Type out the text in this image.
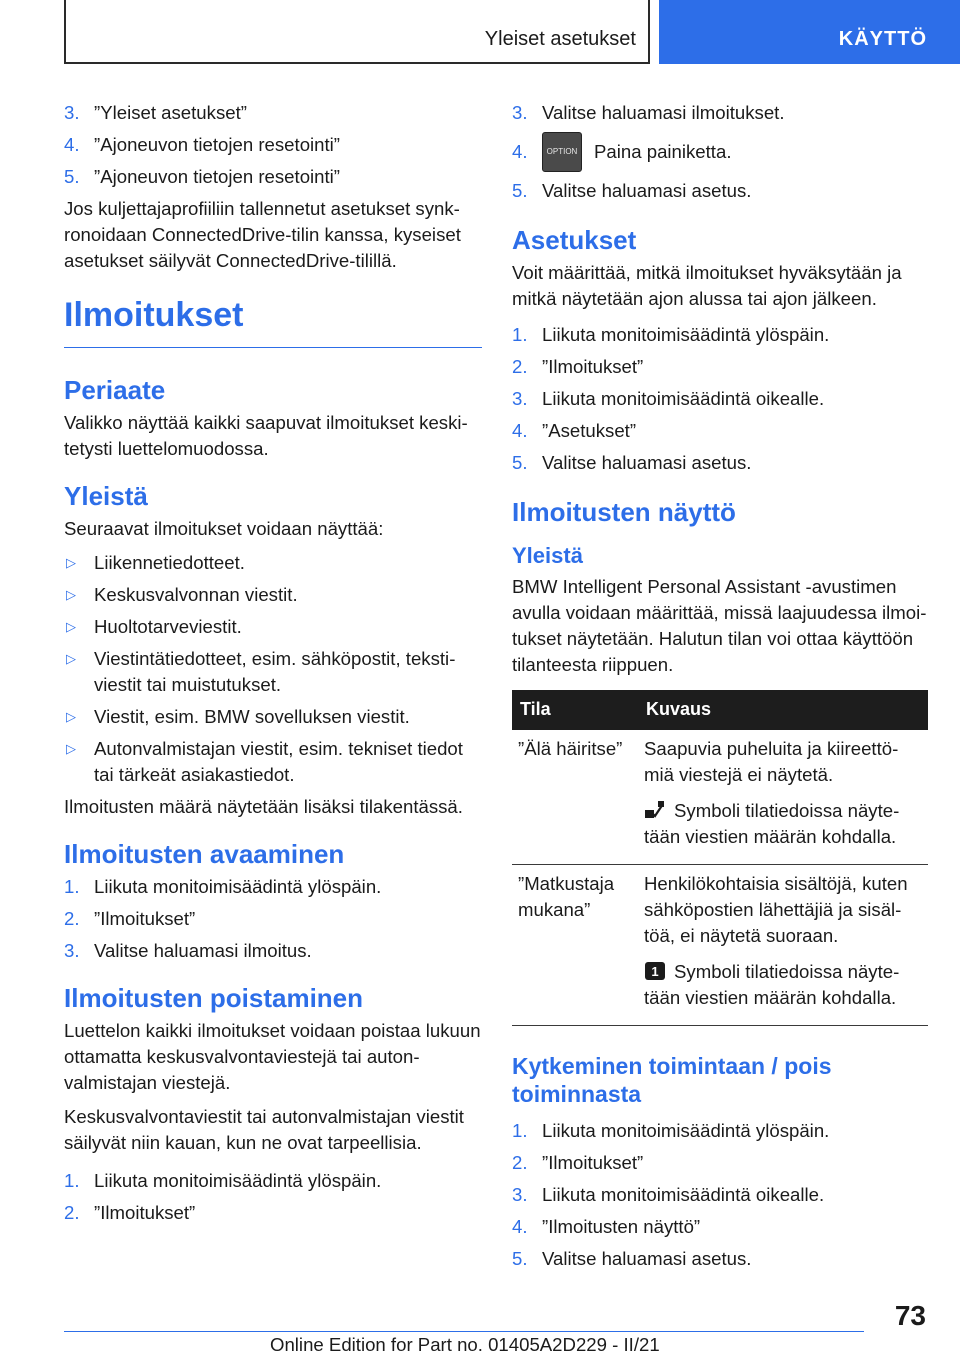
Yleiset asetukset	KÄYTTÖ
3. ”Yleiset asetukset”
4. ”Ajoneuvon tietojen resetointi”
5. ”Ajoneuvon tietojen resetointi”

Jos kuljettajaprofiiliin tallennetut asetukset synkronoidaan ConnectedDrive-tilin kanssa, kyseiset asetukset säilyvät ConnectedDrive-tilillä.

Ilmoitukset
Periaate

Valikko näyttää kaikki saapuvat ilmoitukset keskitetysti luettelomuodossa.

Yleistä

Seuraavat ilmoitukset voidaan näyttää:

▷ Liikennetiedotteet.
▷ Keskusvalvonnan viestit.
▷ Huoltotarveviestit.
▷ Viestintätiedotteet, esim. sähköpostit, tekstiviestit tai muistutukset.
▷ Viestit, esim. BMW sovelluksen viestit.
▷ Autonvalmistajan viestit, esim. tekniset tiedot tai tärkeät asiakastiedot.

Ilmoitusten määrä näytetään lisäksi tilakentässä.

Ilmoitusten avaaminen
1. Liikuta monitoimisäädintä ylöspäin.
2. ”Ilmoitukset”
3. Valitse haluamasi ilmoitus.
Ilmoitusten poistaminen

Luettelon kaikki ilmoitukset voidaan poistaa lukuun ottamatta keskusvalvontaviestejä tai autonvalmistajan viestejä.

Keskusvalvontaviestit tai autonvalmistajan viestit säilyvät niin kauan, kun ne ovat tarpeellisia.

1. Liikuta monitoimisäädintä ylöspäin.
2. ”Ilmoitukset”
3. Valitse haluamasi ilmoitukset.
4.	OPTION Paina painiketta.
5. Valitse haluamasi asetus.
Asetukset

Voit määrittää, mitkä ilmoitukset hyväksytään ja mitkä näytetään ajon alussa tai ajon jälkeen.

1. Liikuta monitoimisäädintä ylöspäin.
2. ”Ilmoitukset”
3. Liikuta monitoimisäädintä oikealle.
4. ”Asetukset”
5. Valitse haluamasi asetus.
Ilmoitusten näyttö
Yleistä

BMW Intelligent Personal Assistant -avustimen avulla voidaan määrittää, missä laajuudessa ilmoitukset näytetään. Halutun tilan voi ottaa käyttöön tilanteesta riippuen.

Tila	Kuvaus
”Älä häiritse”	Saapuvia puheluita ja kiireettömiä viestejä ei näytetä.
Symboli tilatiedoissa näytetään viestien määrän kohdalla.

”Matkustaja mukana”	Henkilökohtaisia sisältöjä, kuten sähköpostien lähettäjiä ja sisältöä, ei näytetä suoraan.
1 Symboli tilatiedoissa näytetään viestien määrän kohdalla.
Kytkeminen toimintaan / pois toiminnasta
1. Liikuta monitoimisäädintä ylöspäin.
2. ”Ilmoitukset”
3. Liikuta monitoimisäädintä oikealle.
4. ”Ilmoitusten näyttö”
5. Valitse haluamasi asetus.
73
Online Edition for Part no. 01405A2D229 - II/21
